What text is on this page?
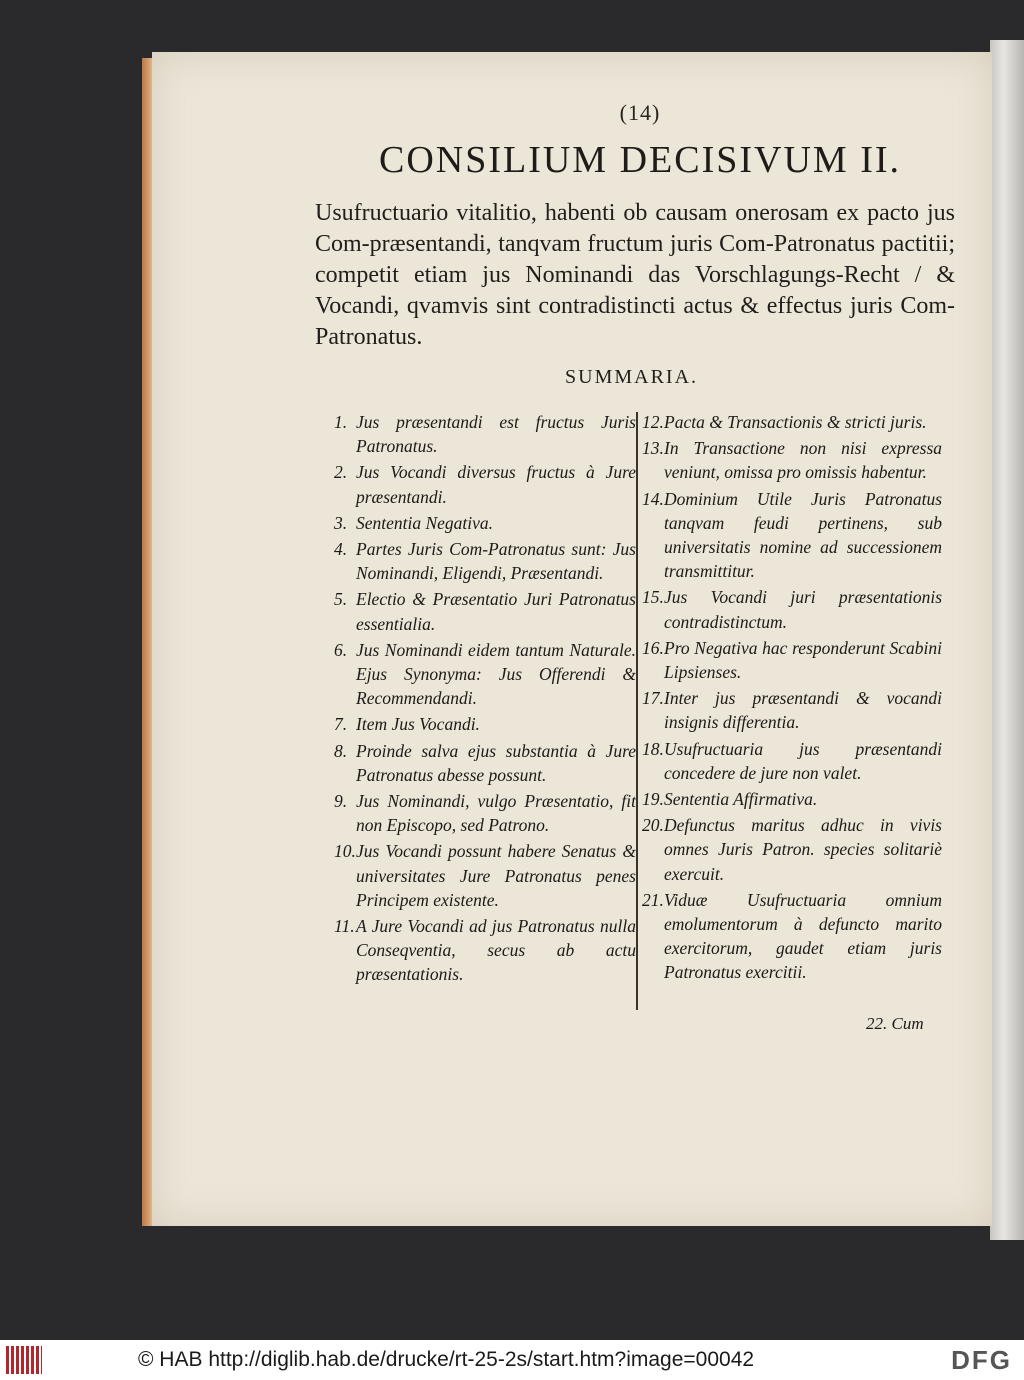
(14)
CONSILIUM DECISIVUM II.
Usufructuario vitalitio, habenti ob causam onerosam ex pacto jus Com-præsentandi, tanqvam fructum juris Com-Patronatus pactitii; competit etiam jus Nominandi das Vorschlagungs-Recht / & Vocandi, qvamvis sint contradistincti actus & effectus juris Com-Patronatus.
SUMMARIA.
1. Jus præsentandi est fructus Juris Patronatus.
2. Jus Vocandi diversus fructus à Jure præsentandi.
3. Sententia Negativa.
4. Partes Juris Com-Patronatus sunt: Jus Nominandi, Eligendi, Præsentandi.
5. Electio & Præsentatio Juri Patronatus essentialia.
6. Jus Nominandi eidem tantum Naturale. Ejus Synonyma: Jus Offerendi & Recommendandi.
7. Item Jus Vocandi.
8. Proinde salva ejus substantia à Jure Patronatus abesse possunt.
9. Jus Nominandi, vulgo Præsentatio, fit non Episcopo, sed Patrono.
10. Jus Vocandi possunt habere Senatus & universitates Jure Patronatus penes Principem existente.
11. A Jure Vocandi ad jus Patronatus nulla Conseqventia, secus ab actu præsentationis.
12. Pacta & Transactionis & stricti juris.
13. In Transactione non nisi expressa veniunt, omissa pro omissis habentur.
14. Dominium Utile Juris Patronatus tanqvam feudi pertinens, sub universitatis nomine ad successionem transmittitur.
15. Jus Vocandi juri præsentationis contradistinctum.
16. Pro Negativa hac responderunt Scabini Lipsienses.
17. Inter jus præsentandi & vocandi insignis differentia.
18. Usufructuaria jus præsentandi concedere de jure non valet.
19. Sententia Affirmativa.
20. Defunctus maritus adhuc in vivis omnes Juris Patron. species solitariè exercuit.
21. Viduæ Usufructuaria omnium emolumentorum à defuncto marito exercitorum, gaudet etiam juris Patronatus exercitii.
22. Cum
© HAB http://diglib.hab.de/drucke/rt-25-2s/start.htm?image=00042	DFG
